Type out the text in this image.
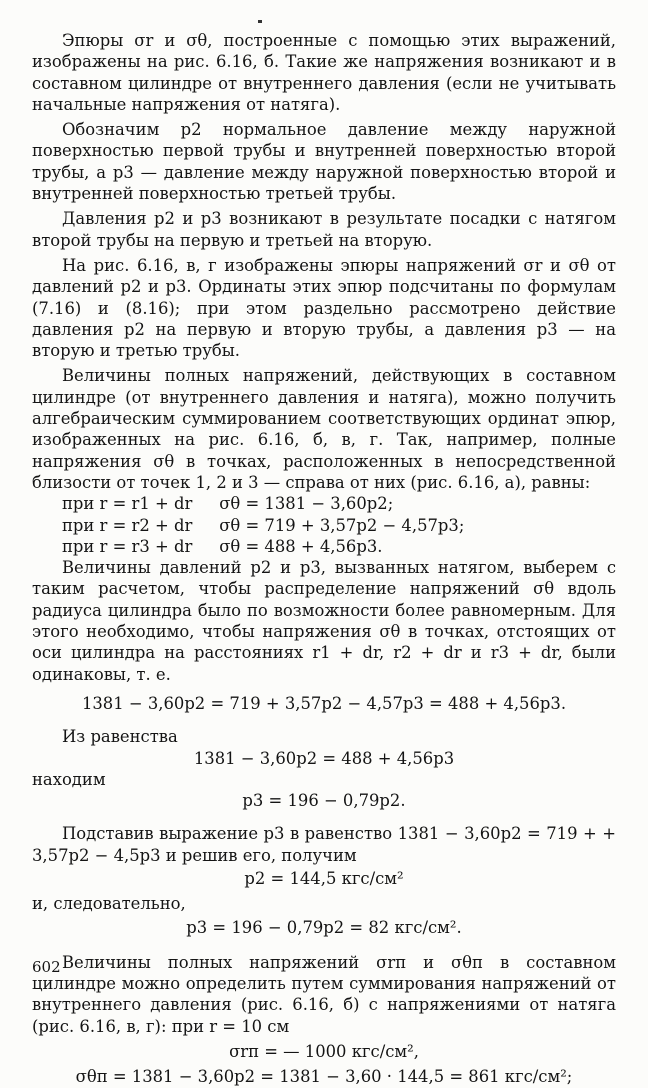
Эпюры σr и σθ, построенные с помощью этих выражений, изображены на рис. 6.16, б. Такие же напряжения возникают и в составном цилиндре от внутреннего давления (если не учитывать начальные напряжения от натяга).

Обозначим p2 нормальное давление между наружной поверхностью первой трубы и внутренней поверхностью второй трубы, а p3 — давление между наружной поверхностью второй и внутренней поверхностью третьей трубы.

Давления p2 и p3 возникают в результате посадки с натягом второй трубы на первую и третьей на вторую.

На рис. 6.16, в, г изображены эпюры напряжений σr и σθ от давлений p2 и p3. Ординаты этих эпюр подсчитаны по формулам (7.16) и (8.16); при этом раздельно рассмотрено действие давления p2 на первую и вторую трубы, а давления p3 — на вторую и третью трубы.

Величины полных напряжений, действующих в составном цилиндре (от внутреннего давления и натяга), можно получить алгебраическим суммированием соответствующих ординат эпюр, изображенных на рис. 6.16, б, в, г. Так, например, полные напряжения σθ в точках, расположенных в непосредственной близости от точек 1, 2 и 3 — справа от них (рис. 6.16, а), равны:

при r = r1 + dr σθ = 1381 − 3,60p2;
при r = r2 + dr σθ = 719 + 3,57p2 − 4,57p3;
при r = r3 + dr σθ = 488 + 4,56p3.

Величины давлений p2 и p3, вызванных натягом, выберем с таким расчетом, чтобы распределение напряжений σθ вдоль радиуса цилиндра было по возможности более равномерным. Для этого необходимо, чтобы напряжения σθ в точках, отстоящих от оси цилиндра на расстояниях r1 + dr, r2 + dr и r3 + dr, были одинаковы, т. е.

1381 − 3,60p2 = 719 + 3,57p2 − 4,57p3 = 488 + 4,56p3.

Из равенства

1381 − 3,60p2 = 488 + 4,56p3

находим

p3 = 196 − 0,79p2.

Подставив выражение p3 в равенство 1381 − 3,60p2 = 719 + + 3,57p2 − 4,5p3 и решив его, получим

p2 = 144,5 кгс/см²

и, следовательно,

p3 = 196 − 0,79p2 = 82 кгс/см².

Величины полных напряжений σrп и σθп в составном цилиндре можно определить путем суммирования напряжений от внутреннего давления (рис. 6.16, б) с напряжениями от натяга (рис. 6.16, в, г): при r = 10 см

σrп = — 1000 кгс/см²,

σθп = 1381 − 3,60p2 = 1381 − 3,60 · 144,5 = 861 кгс/см²;

602
